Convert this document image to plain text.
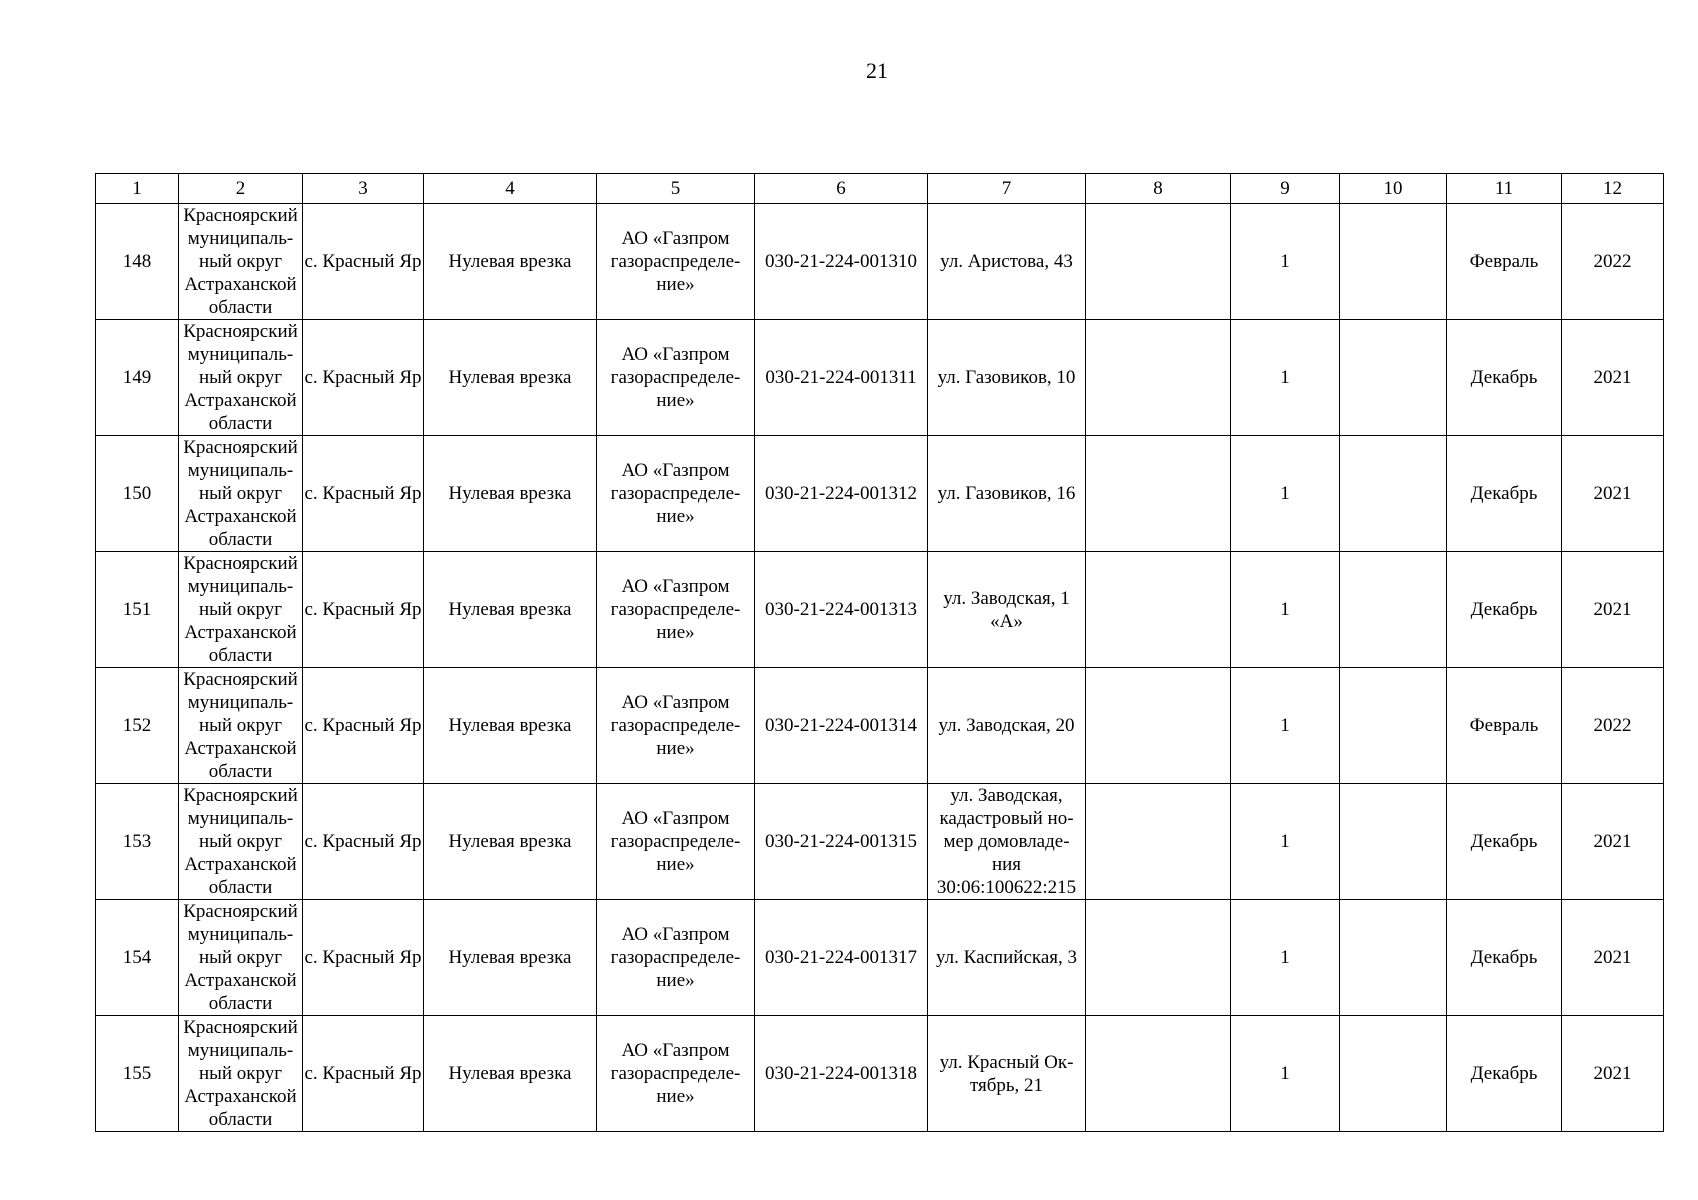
21
1	2	3	4	5	6	7	8	9	10	11	12
148	Красноярский муниципаль-ный округ Астраханской области	с. Красный Яр	Нулевая врезка	АО «Газпром газораспределе-ние»	030-21-224-001310	ул. Аристова, 43		1		Февраль	2022
149	Красноярский муниципаль-ный округ Астраханской области	с. Красный Яр	Нулевая врезка	АО «Газпром газораспределе-ние»	030-21-224-001311	ул. Газовиков, 10		1		Декабрь	2021
150	Красноярский муниципаль-ный округ Астраханской области	с. Красный Яр	Нулевая врезка	АО «Газпром газораспределе-ние»	030-21-224-001312	ул. Газовиков, 16		1		Декабрь	2021
151	Красноярский муниципаль-ный округ Астраханской области	с. Красный Яр	Нулевая врезка	АО «Газпром газораспределе-ние»	030-21-224-001313	ул. Заводская, 1 «А»		1		Декабрь	2021
152	Красноярский муниципаль-ный округ Астраханской области	с. Красный Яр	Нулевая врезка	АО «Газпром газораспределе-ние»	030-21-224-001314	ул. Заводская, 20		1		Февраль	2022
153	Красноярский муниципаль-ный округ Астраханской области	с. Красный Яр	Нулевая врезка	АО «Газпром газораспределе-ние»	030-21-224-001315	ул. Заводская, кадастровый но-мер домовладе-ния 30:06:100622:215		1		Декабрь	2021
154	Красноярский муниципаль-ный округ Астраханской области	с. Красный Яр	Нулевая врезка	АО «Газпром газораспределе-ние»	030-21-224-001317	ул. Каспийская, 3		1		Декабрь	2021
155	Красноярский муниципаль-ный округ Астраханской области	с. Красный Яр	Нулевая врезка	АО «Газпром газораспределе-ние»	030-21-224-001318	ул. Красный Ок-тябрь, 21		1		Декабрь	2021
